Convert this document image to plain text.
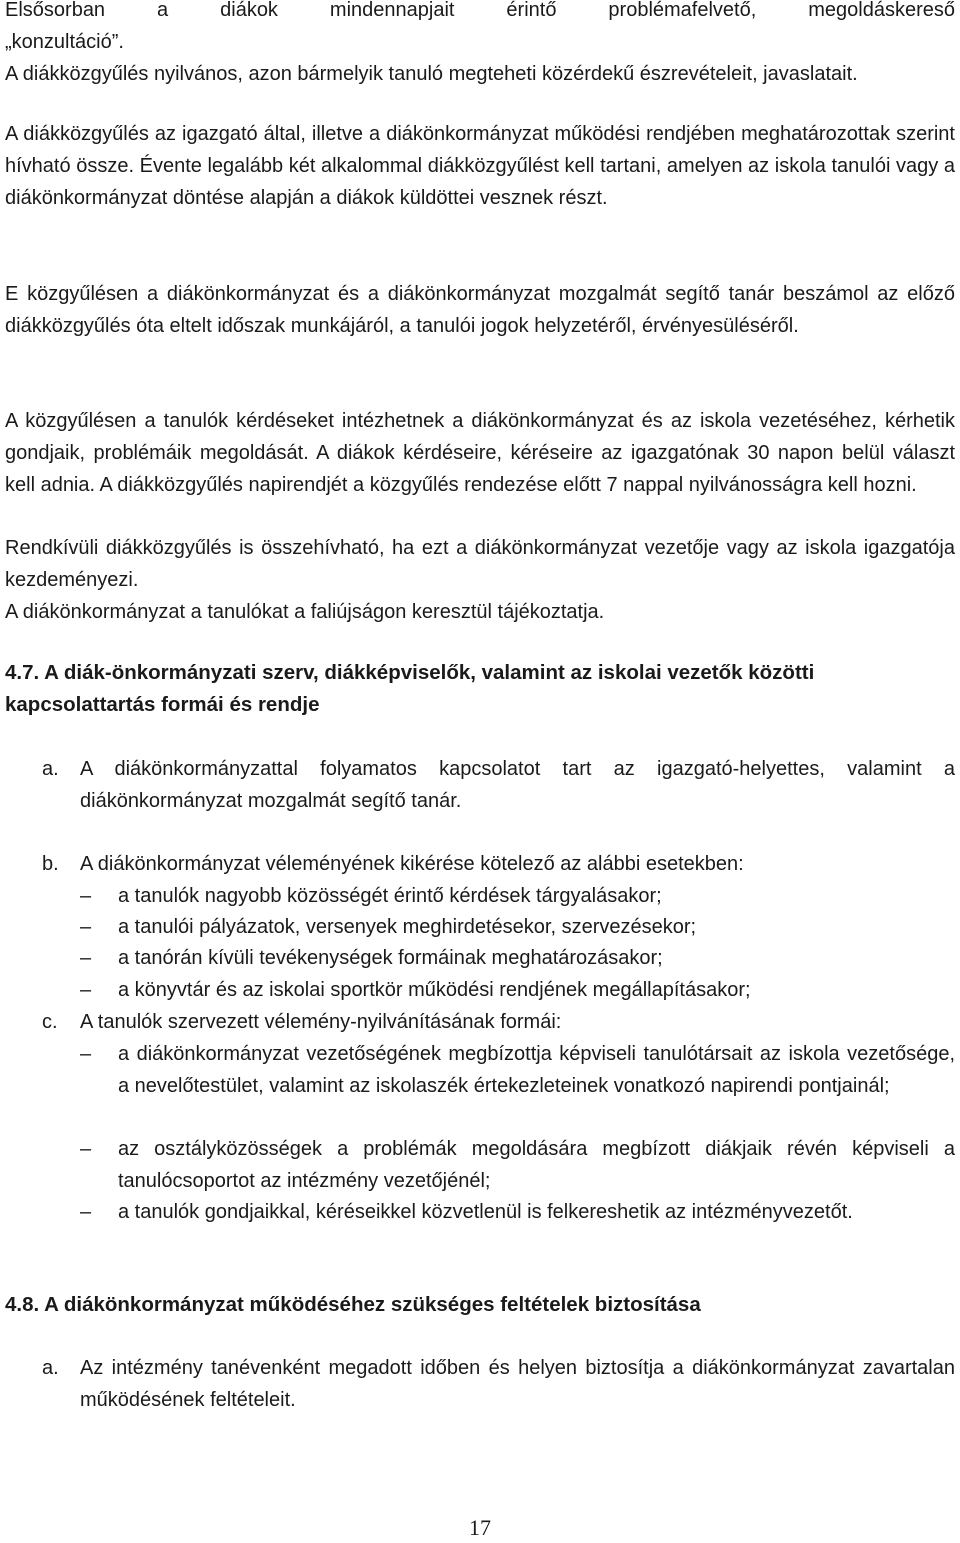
Elsősorban a diákok mindennapjait érintő problémafelvető, megoldáskereső

„konzultáció”.

A diákközgyűlés nyilvános, azon bármelyik tanuló megteheti közérdekű észrevételeit, javaslatait.

A diákközgyűlés az igazgató által, illetve a diákönkormányzat működési rendjében meghatározottak szerint hívható össze. Évente legalább két alkalommal diákközgyűlést kell tartani, amelyen az iskola tanulói vagy a diákönkormányzat döntése alapján a diákok küldöttei vesznek részt.

E közgyűlésen a diákönkormányzat és a diákönkormányzat mozgalmát segítő tanár beszámol az előző diákközgyűlés óta eltelt időszak munkájáról, a tanulói jogok helyzetéről, érvényesüléséről.

A közgyűlésen a tanulók kérdéseket intézhetnek a diákönkormányzat és az iskola vezetéséhez, kérhetik gondjaik, problémáik megoldását. A diákok kérdéseire, kéréseire az igazgatónak 30 napon belül választ kell adnia. A diákközgyűlés napirendjét a közgyűlés rendezése előtt 7 nappal nyilvánosságra kell hozni.

Rendkívüli diákközgyűlés is összehívható, ha ezt a diákönkormányzat vezetője vagy az iskola igazgatója kezdeményezi.

A diákönkormányzat a tanulókat a faliújságon keresztül tájékoztatja.

4.7. A diák-önkormányzati szerv, diákképviselők, valamint az iskolai vezetők közötti kapcsolattartás formái és rendje
a.	A diákönkormányzattal folyamatos kapcsolatot tart az igazgató-helyettes, valamint a diákönkormányzat mozgalmát segítő tanár.
b.	A diákönkormányzat véleményének kikérése kötelező az alábbi esetekben:
–	a tanulók nagyobb közösségét érintő kérdések tárgyalásakor;
–	a tanulói pályázatok, versenyek meghirdetésekor, szervezésekor;
–	a tanórán kívüli tevékenységek formáinak meghatározásakor;
–	a könyvtár és az iskolai sportkör működési rendjének megállapításakor;
c.	A tanulók szervezett vélemény-nyilvánításának formái:
–	a diákönkormányzat vezetőségének megbízottja képviseli tanulótársait az iskola vezetősége, a nevelőtestület, valamint az iskolaszék értekezleteinek vonatkozó napirendi pontjainál;
–	az osztályközösségek a problémák megoldására megbízott diákjaik révén képviseli a tanulócsoportot az intézmény vezetőjénél;
–	a tanulók gondjaikkal, kéréseikkel közvetlenül is felkereshetik az intézményvezetőt.
4.8. A diákönkormányzat működéséhez szükséges feltételek biztosítása
a.	Az intézmény tanévenként megadott időben és helyen biztosítja a diákönkormányzat zavartalan működésének feltételeit.
17
